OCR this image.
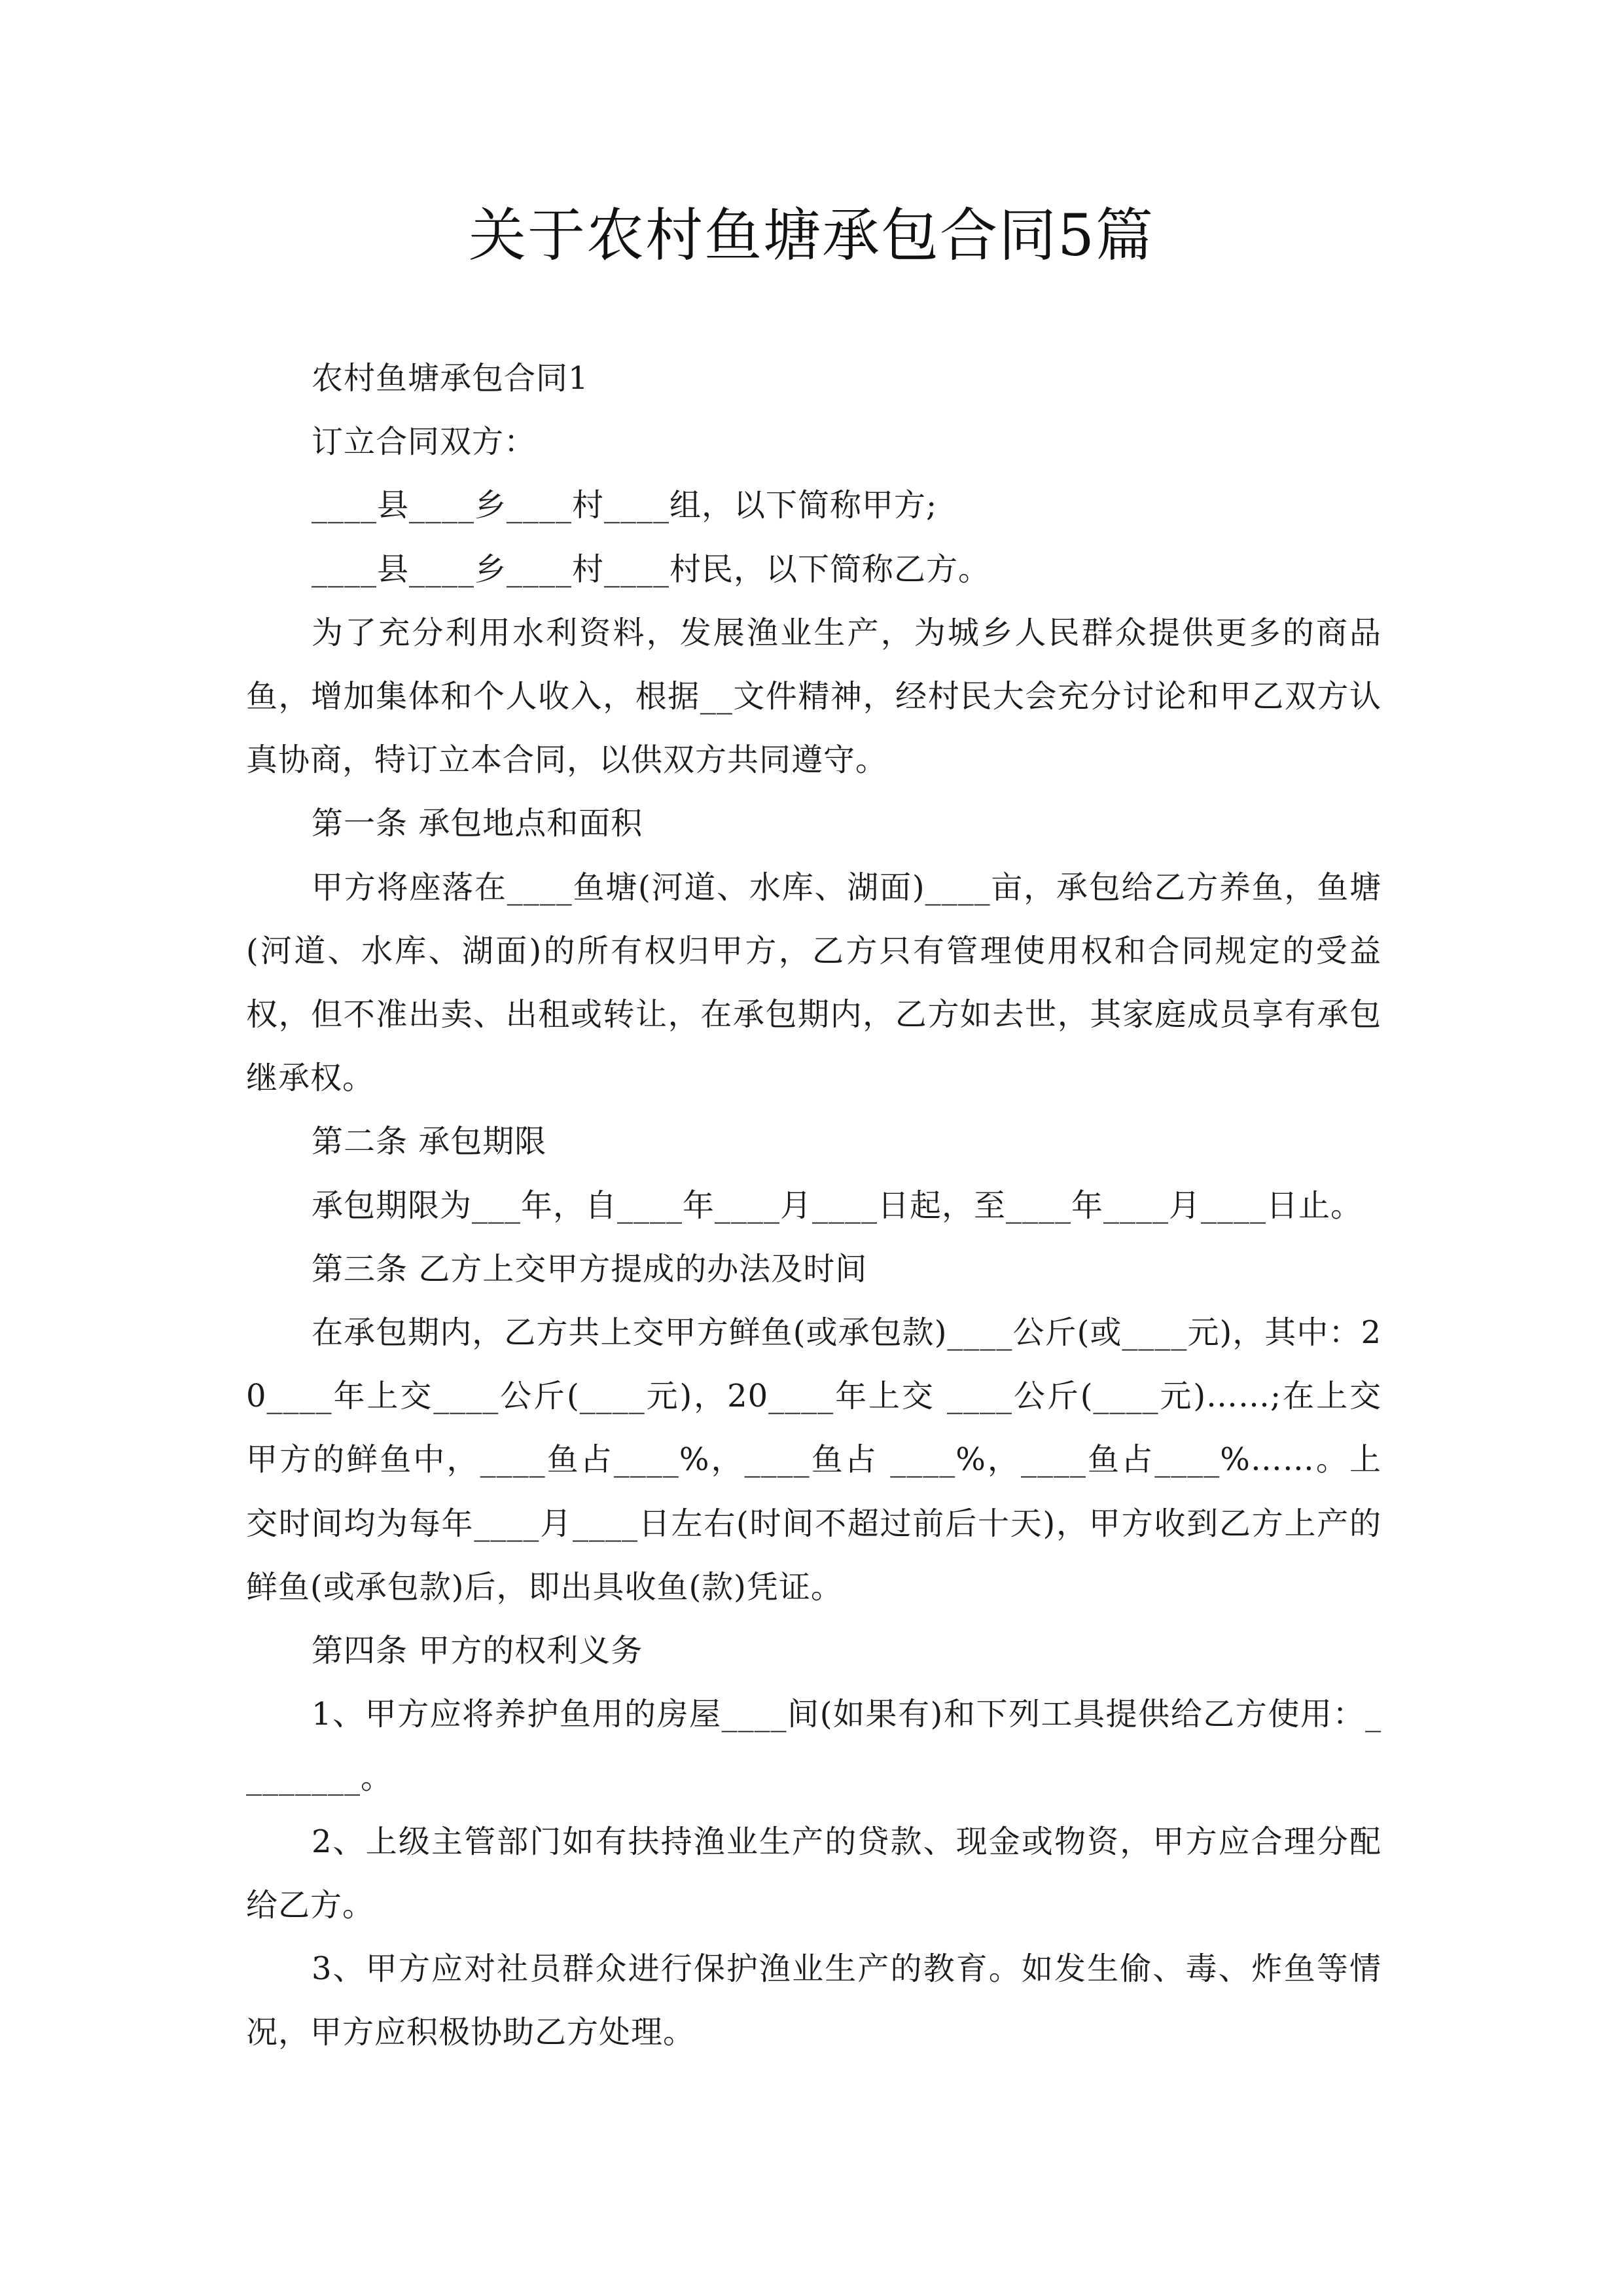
关于农村鱼塘承包合同5篇

农村鱼塘承包合同1

订立合同双方：

____县____乡____村____组，以下简称甲方;

____县____乡____村____村民，以下简称乙方。

为了充分利用水利资料，发展渔业生产，为城乡人民群众提供更多的商品鱼，增加集体和个人收入，根据__文件精神，经村民大会充分讨论和甲乙双方认真协商，特订立本合同，以供双方共同遵守。

第一条 承包地点和面积

甲方将座落在____鱼塘(河道、水库、湖面)____亩，承包给乙方养鱼，鱼塘(河道、水库、湖面)的所有权归甲方，乙方只有管理使用权和合同规定的受益权，但不准出卖、出租或转让，在承包期内，乙方如去世，其家庭成员享有承包继承权。

第二条 承包期限

承包期限为___年，自____年____月____日起，至____年____月____日止。

第三条 乙方上交甲方提成的办法及时间

在承包期内，乙方共上交甲方鲜鱼(或承包款)____公斤(或____元)，其中：20____年上交____公斤(____元)，20____年上交 ____公斤(____元)……;在上交甲方的鲜鱼中，____鱼占____%，____鱼占 ____%，____鱼占____%……。上交时间均为每年____月____日左右(时间不超过前后十天)，甲方收到乙方上产的鲜鱼(或承包款)后，即出具收鱼(款)凭证。

第四条 甲方的权利义务

1、甲方应将养护鱼用的房屋____间(如果有)和下列工具提供给乙方使用：________。

2、上级主管部门如有扶持渔业生产的贷款、现金或物资，甲方应合理分配给乙方。

3、甲方应对社员群众进行保护渔业生产的教育。如发生偷、毒、炸鱼等情况，甲方应积极协助乙方处理。
